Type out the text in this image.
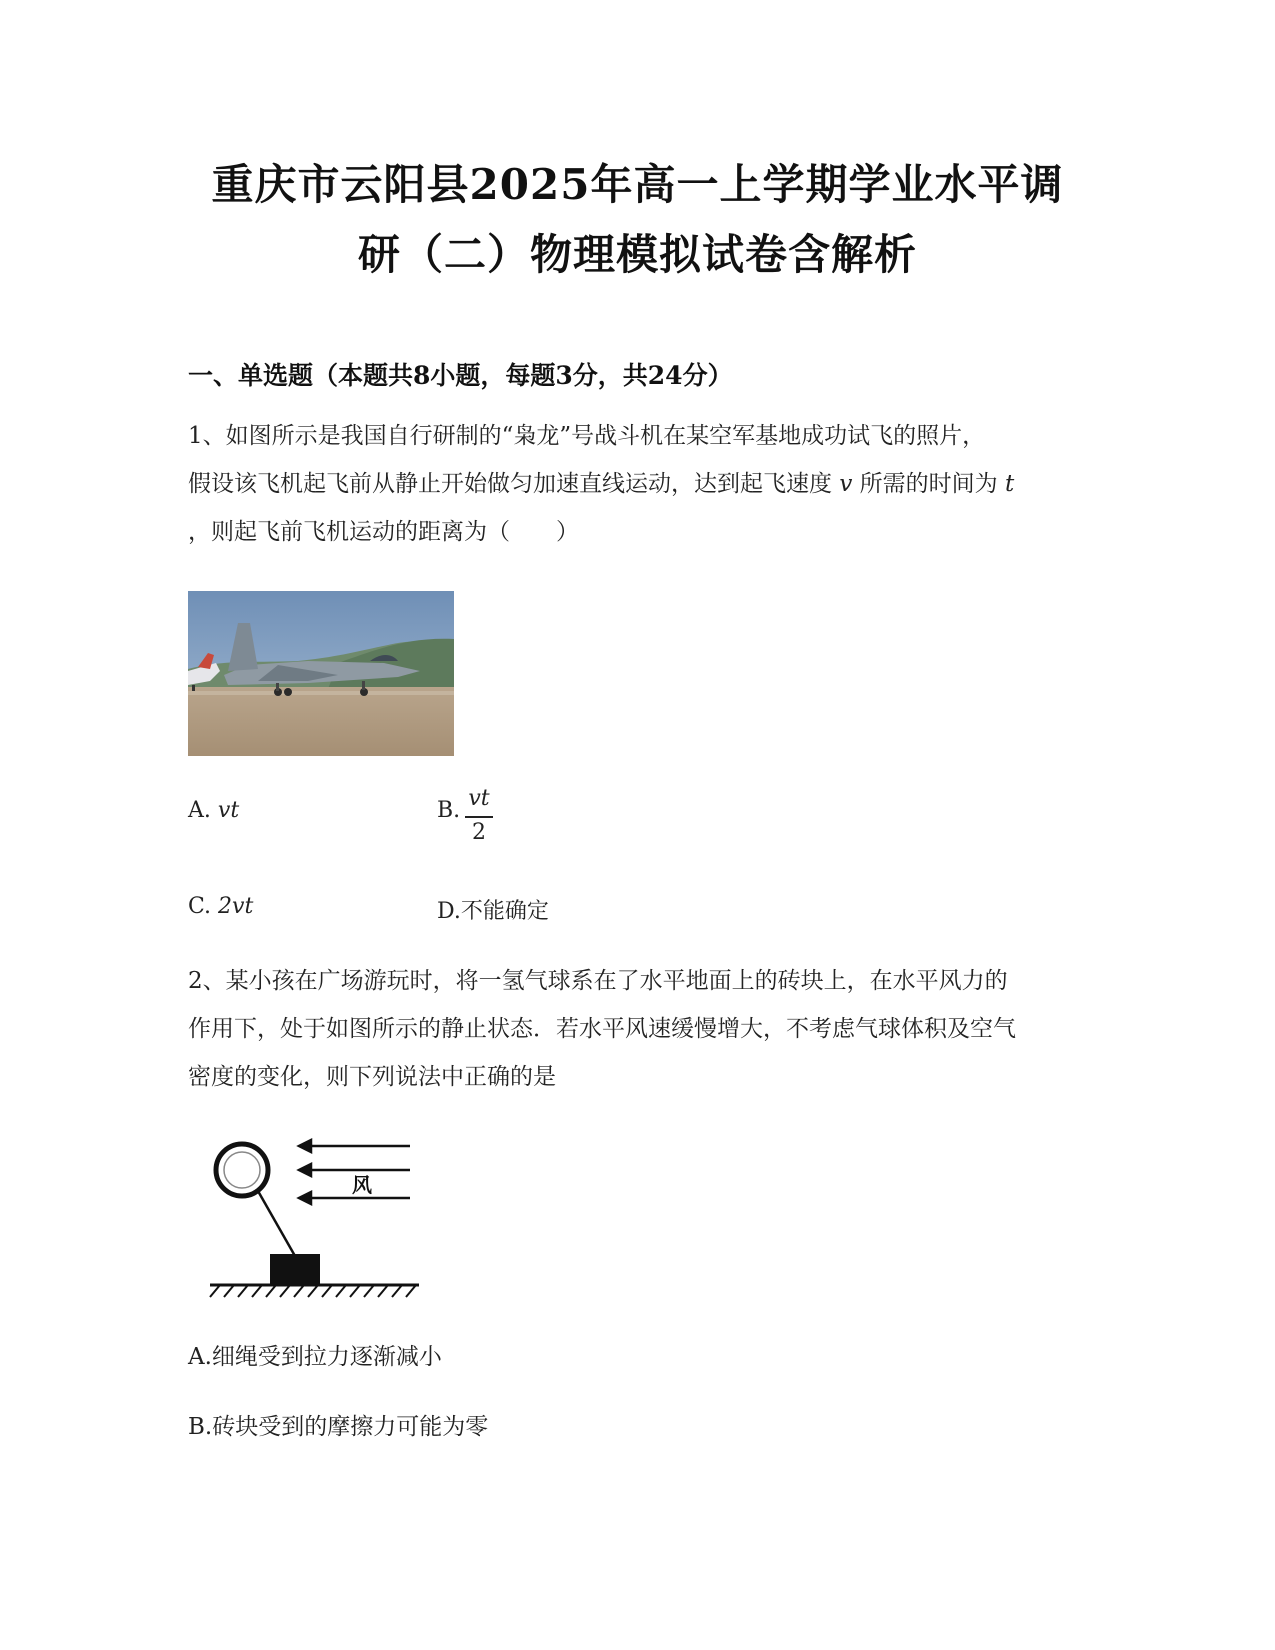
重庆市云阳县2025年高一上学期学业水平调
研（二）物理模拟试卷含解析
一、单选题（本题共8小题，每题3分，共24分）
1、如图所示是我国自行研制的“枭龙”号战斗机在某空军基地成功试飞的照片，
假设该飞机起飞前从静止开始做匀加速直线运动，达到起飞速度 v 所需的时间为 t
，则起飞前飞机运动的距离为（　　）
A. vt	B. vt
2
C. 2vt	D.不能确定
2、某小孩在广场游玩时，将一氢气球系在了水平地面上的砖块上，在水平风力的
作用下，处于如图所示的静止状态．若水平风速缓慢增大，不考虑气球体积及空气
密度的变化，则下列说法中正确的是
风
A.细绳受到拉力逐渐减小
B.砖块受到的摩擦力可能为零
